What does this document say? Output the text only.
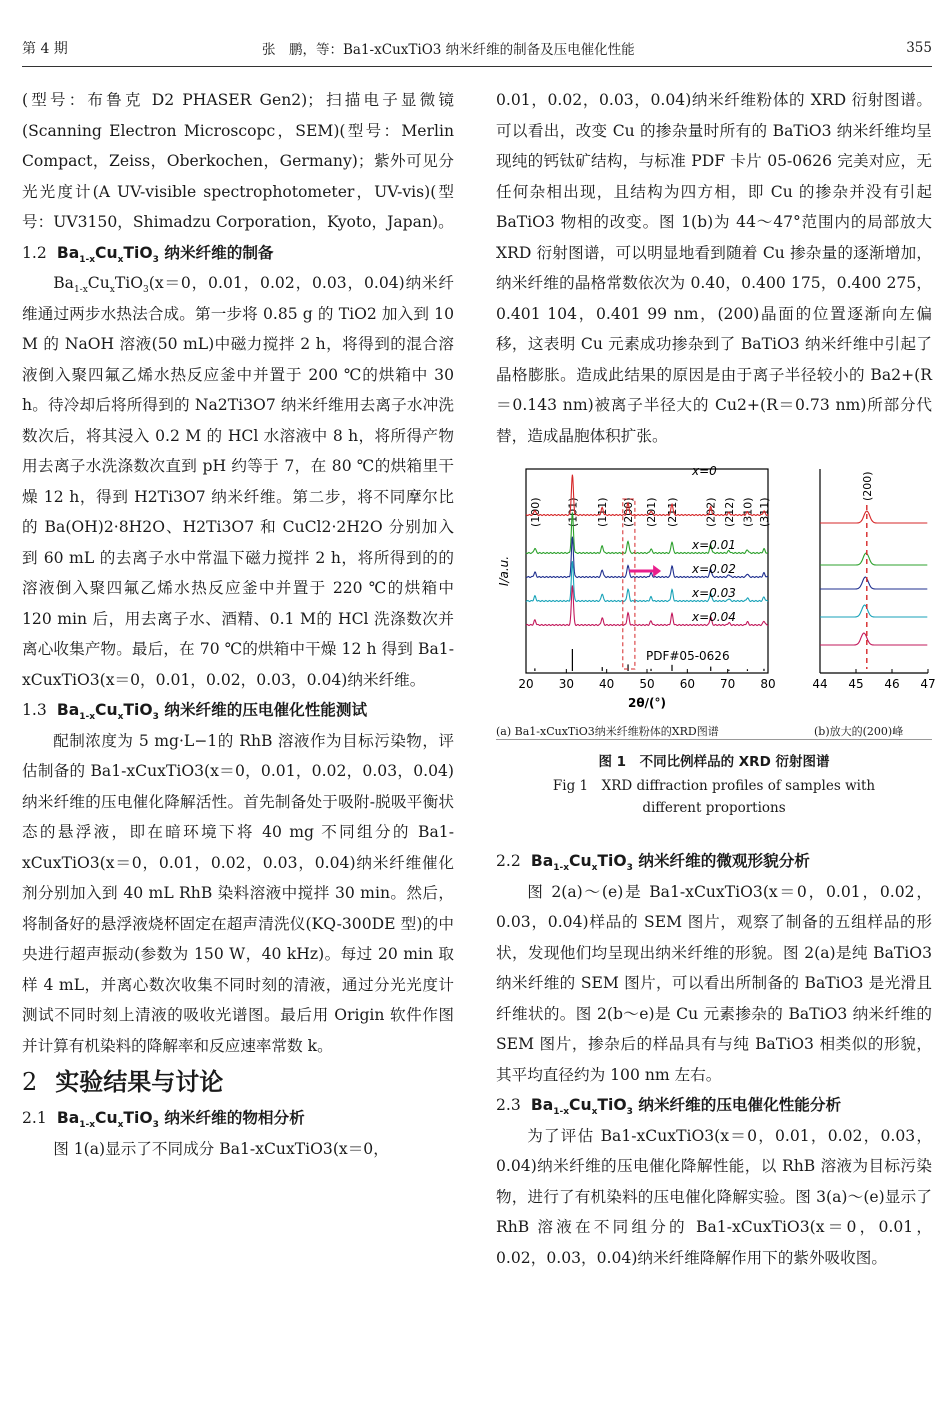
第 4 期	张　鹏，等：Ba1-xCuxTiO3 纳米纤维的制备及压电催化性能	355

(型号：布鲁克 D2 PHASER Gen2)；扫描电子显微镜(Scanning Electron Microscopc，SEM)(型号：Merlin Compact，Zeiss，Oberkochen，Germany)；紫外可见分光光度计(A UV-visible spectrophotometer，UV-vis)(型号：UV3150，Shimadzu Corporation，Kyoto，Japan)。

1.2 $Ba_{1-x}Cu_xTiO_3$ 纳米纤维的制备

$Ba_{1-x}Cu_xTiO_3(x=0$，0.01，0.02，0.03，0.04)纳米纤维通过两步水热法合成。第一步将 0.85 g 的 TiO2 加入到 10 M 的 NaOH 溶液(50 mL)中磁力搅拌 2 h，将得到的混合溶液倒入聚四氟乙烯水热反应釜中并置于 200 ℃的烘箱中 30 h。待冷却后将所得到的 Na2Ti3O7 纳米纤维用去离子水冲洗数次后，将其浸入 0.2 M 的 HCl 水溶液中 8 h，将所得产物用去离子水洗涤数次直到 pH 约等于 7，在 80 ℃的烘箱里干燥 12 h，得到 H2Ti3O7 纳米纤维。第二步，将不同摩尔比的 Ba(OH)2·8H2O、H2Ti3O7 和 CuCl2·2H2O 分别加入到 60 mL 的去离子水中常温下磁力搅拌 2 h，将所得到的的溶液倒入聚四氟乙烯水热反应釜中并置于 220 ℃的烘箱中 120 min 后，用去离子水、酒精、0.1 M的 HCl 洗涤数次并离心收集产物。最后，在 70 ℃的烘箱中干燥 12 h 得到 Ba1-xCuxTiO3(x＝0，0.01，0.02，0.03，0.04)纳米纤维。

1.3 $Ba_{1-x}Cu_xTiO_3$ 纳米纤维的压电催化性能测试

配制浓度为 5 mg·L−1的 RhB 溶液作为目标污染物，评估制备的 Ba1-xCuxTiO3(x＝0，0.01，0.02，0.03，0.04)纳米纤维的压电催化降解活性。首先制备处于吸附-脱吸平衡状态的悬浮液，即在暗环境下将 40 mg 不同组分的 Ba1-xCuxTiO3(x＝0，0.01，0.02，0.03，0.04)纳米纤维催化剂分别加入到 40 mL RhB 染料溶液中搅拌 30 min。然后，将制备好的悬浮液烧杯固定在超声清洗仪(KQ-300DE 型)的中央进行超声振动(参数为 150 W，40 kHz)。每过 20 min 取样 4 mL，并离心数次收集不同时刻的清液，通过分光光度计测试不同时刻上清液的吸收光谱图。最后用 Origin 软件作图并计算有机染料的降解率和反应速率常数 k。

2 实验结果与讨论

2.1 $Ba_{1-x}Cu_xTiO_3$ 纳米纤维的物相分析

图 1(a)显示了不同成分 Ba1-xCuxTiO3(x＝0，

0.01，0.02，0.03，0.04)纳米纤维粉体的 XRD 衍射图谱。可以看出，改变 Cu 的掺杂量时所有的 BaTiO3 纳米纤维均呈现纯的钙钛矿结构，与标准 PDF 卡片 05-0626 完美对应，无任何杂相出现，且结构为四方相，即 Cu 的掺杂并没有引起 BaTiO3 物相的改变。图 1(b)为 44～47°范围内的局部放大 XRD 衍射图谱，可以明显地看到随着 Cu 掺杂量的逐渐增加，纳米纤维的晶格常数依次为 0.40，0.400 175，0.400 275，0.401 104，0.401 99 nm，(200)晶面的位置逐渐向左偏移，这表明 Cu 元素成功掺杂到了 BaTiO3 纳米纤维中引起了晶格膨胀。造成此结果的原因是由于离子半径较小的 Ba2+(R＝0.143 nm)被离子半径大的 Cu2+(R＝0.73 nm)所部分代替，造成晶胞体积扩张。

20 30 40 50 60 70 80
2θ/(°)
I/a.u.
(100) (101) (111) (200) (201) (211) (202) (212) (310) (311)
x=0
x=0.01
x=0.02
x=0.03
x=0.04
PDF#05-0626
44 45 46 47
(200)
(a) Ba1-xCuxTiO3纳米纤维粉体的XRD图谱	(b)放大的(200)峰
图 1　不同比例样品的 XRD 衍射图谱
Fig 1　XRD diffraction profiles of samples with
different proportions

2.2 $Ba_{1-x}Cu_xTiO_3$ 纳米纤维的微观形貌分析

图 2(a)～(e)是 Ba1-xCuxTiO3(x＝0，0.01，0.02，0.03，0.04)样品的 SEM 图片，观察了制备的五组样品的形状，发现他们均呈现出纳米纤维的形貌。图 2(a)是纯 BaTiO3 纳米纤维的 SEM 图片，可以看出所制备的 BaTiO3 是光滑且纤维状的。图 2(b～e)是 Cu 元素掺杂的 BaTiO3 纳米纤维的 SEM 图片，掺杂后的样品具有与纯 BaTiO3 相类似的形貌，其平均直径约为 100 nm 左右。

2.3 $Ba_{1-x}Cu_xTiO_3$ 纳米纤维的压电催化性能分析

为了评估 Ba1-xCuxTiO3(x＝0，0.01，0.02，0.03，0.04)纳米纤维的压电催化降解性能，以 RhB 溶液为目标污染物，进行了有机染料的压电催化降解实验。图 3(a)～(e)显示了 RhB 溶液在不同组分的 Ba1-xCuxTiO3(x＝0，0.01，0.02，0.03，0.04)纳米纤维降解作用下的紫外吸收图。
